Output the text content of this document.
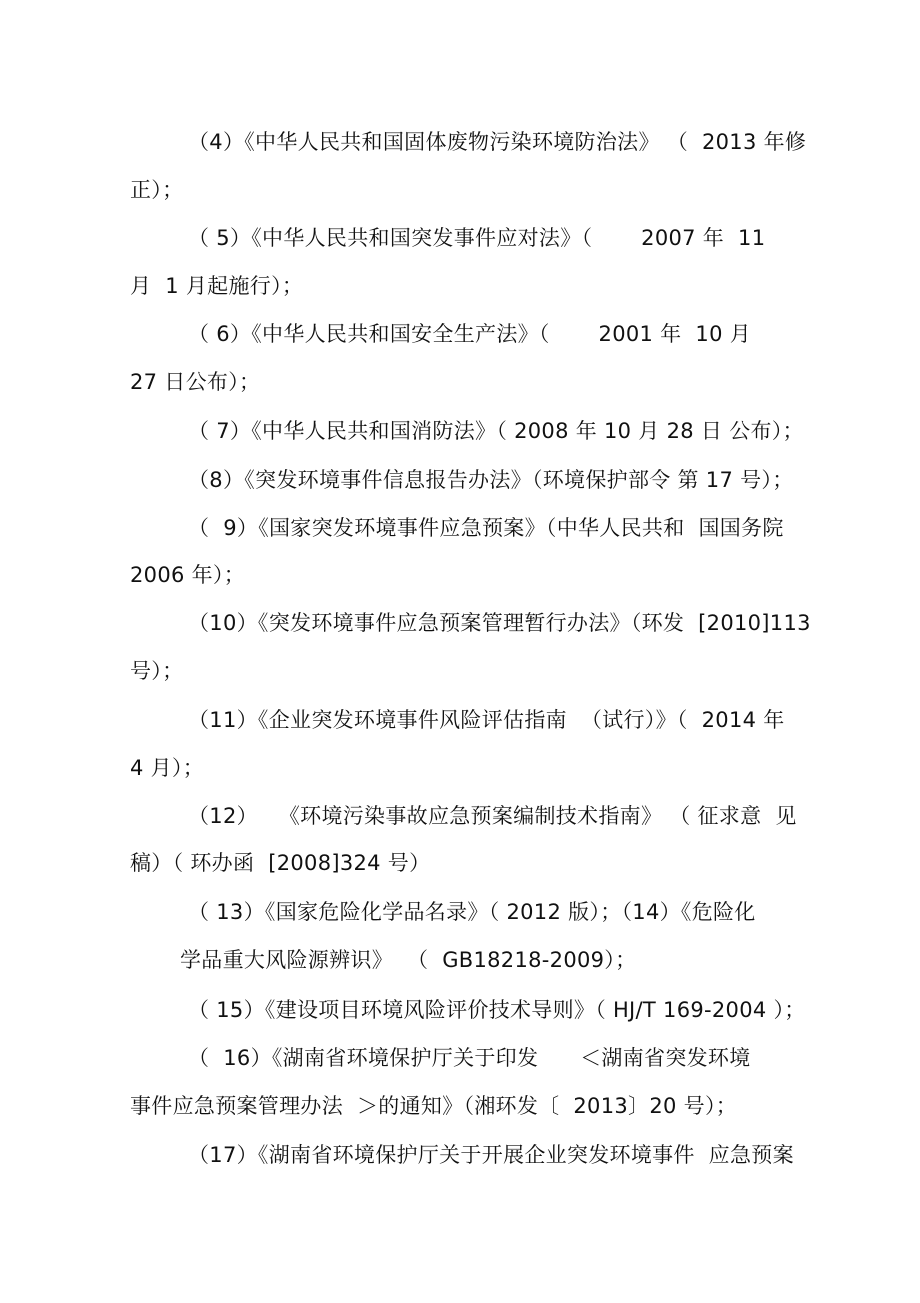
（4）《中华人民共和国固体废物污染环境防治法》 （  2013 年修
正）；
（ 5）《中华人民共和国突发事件应对法》（       2007 年  11
月  1 月起施行）；
（ 6）《中华人民共和国安全生产法》（       2001 年  10 月
27 日公布）；
（ 7）《中华人民共和国消防法》（ 2008 年 10 月 28 日 公布）；
（8）《突发环境事件信息报告办法》（环境保护部令 第 17 号）；
（  9）《国家突发环境事件应急预案》（中华人民共和  国国务院
2006 年）；
（10）《突发环境事件应急预案管理暂行办法》（环发  [2010]113
号）；
（11）《企业突发环境事件风险评估指南  （试行）》（  2014 年
4 月）；
（12）   《环境污染事故应急预案编制技术指南》 （ 征求意  见
稿）（ 环办函  [2008]324 号）
（ 13）《国家危险化学品名录》（ 2012 版）；（14）《危险化
学品重大风险源辨识》  （  GB18218-2009）；
（ 15）《建设项目环境风险评价技术导则》（ HJ/T 169-2004 ）；
（  16）《湖南省环境保护厅关于印发      ＜湖南省突发环境
事件应急预案管理办法  ＞的通知》（湘环发〔  2013〕20 号）；
（17）《湖南省环境保护厅关于开展企业突发环境事件  应急预案
